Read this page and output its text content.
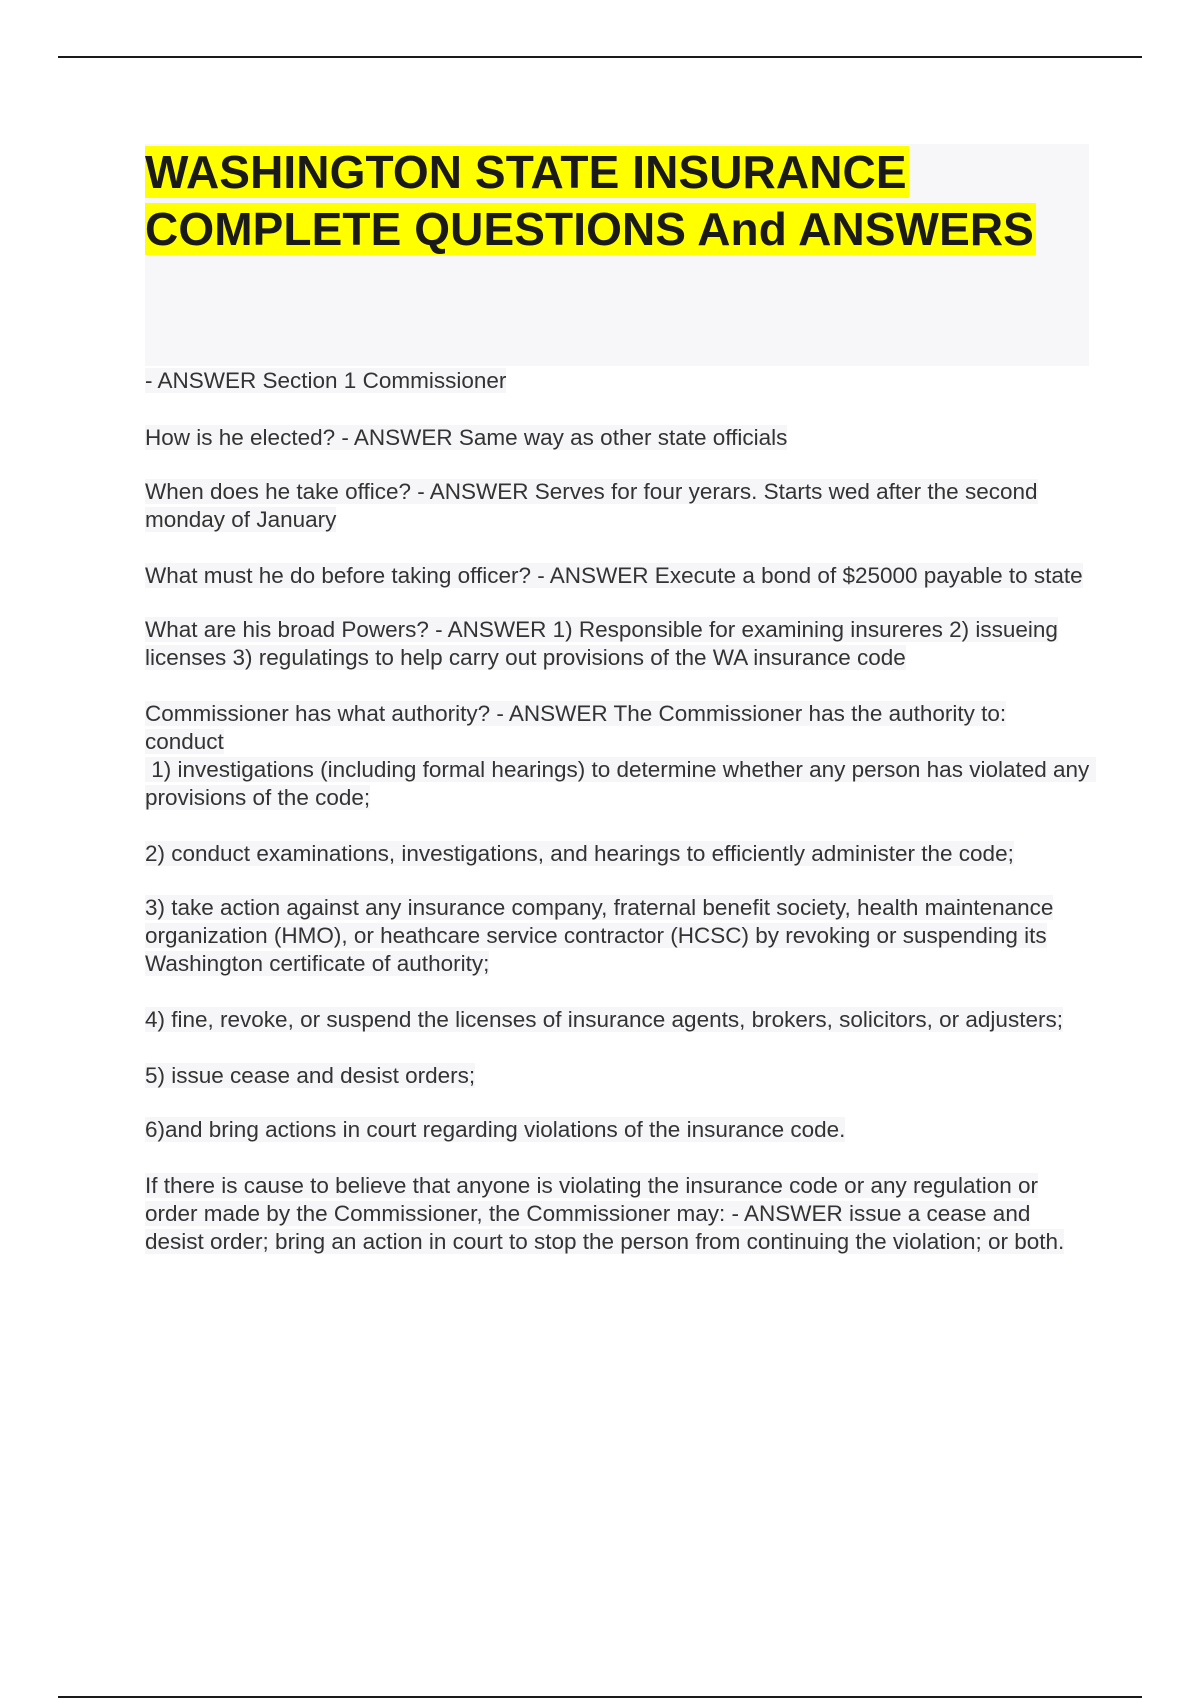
WASHINGTON STATE INSURANCE
COMPLETE QUESTIONS And ANSWERS

- ANSWER Section 1 Commissioner

How is he elected? - ANSWER Same way as other state officials

When does he take office? - ANSWER Serves for four yerars. Starts wed after the second monday of January

What must he do before taking officer? - ANSWER Execute a bond of $25000 payable to state

What are his broad Powers? - ANSWER 1) Responsible for examining insureres 2) issueing licenses 3) regulatings to help carry out provisions of the WA insurance code

Commissioner has what authority? - ANSWER The Commissioner has the authority to: conduct

1) investigations (including formal hearings) to determine whether any person has violated any provisions of the code;

2) conduct examinations, investigations, and hearings to efficiently administer the code;

3) take action against any insurance company, fraternal benefit society, health maintenance organization (HMO), or heathcare service contractor (HCSC) by revoking or suspending its Washington certificate of authority;

4) fine, revoke, or suspend the licenses of insurance agents, brokers, solicitors, or adjusters;

5) issue cease and desist orders;

6)and bring actions in court regarding violations of the insurance code.

If there is cause to believe that anyone is violating the insurance code or any regulation or order made by the Commissioner, the Commissioner may: - ANSWER issue a cease and desist order; bring an action in court to stop the person from continuing the violation; or both.
